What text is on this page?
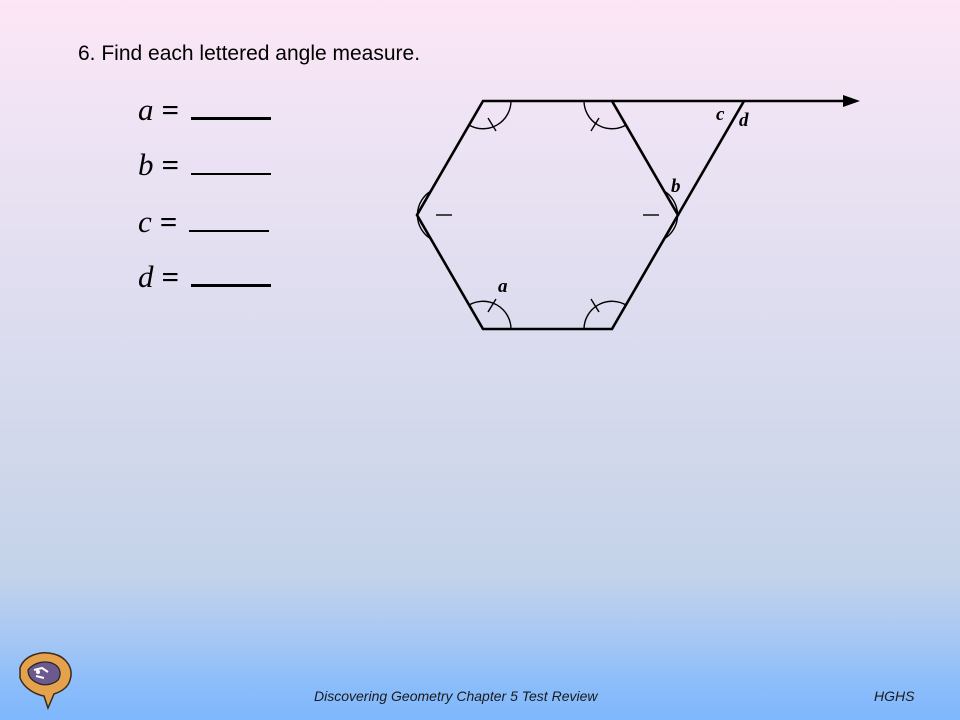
6. Find each lettered angle measure.
a =
b =
c =
d =	a
b
c d
Discovering Geometry Chapter 5 Test Review	HGHS
